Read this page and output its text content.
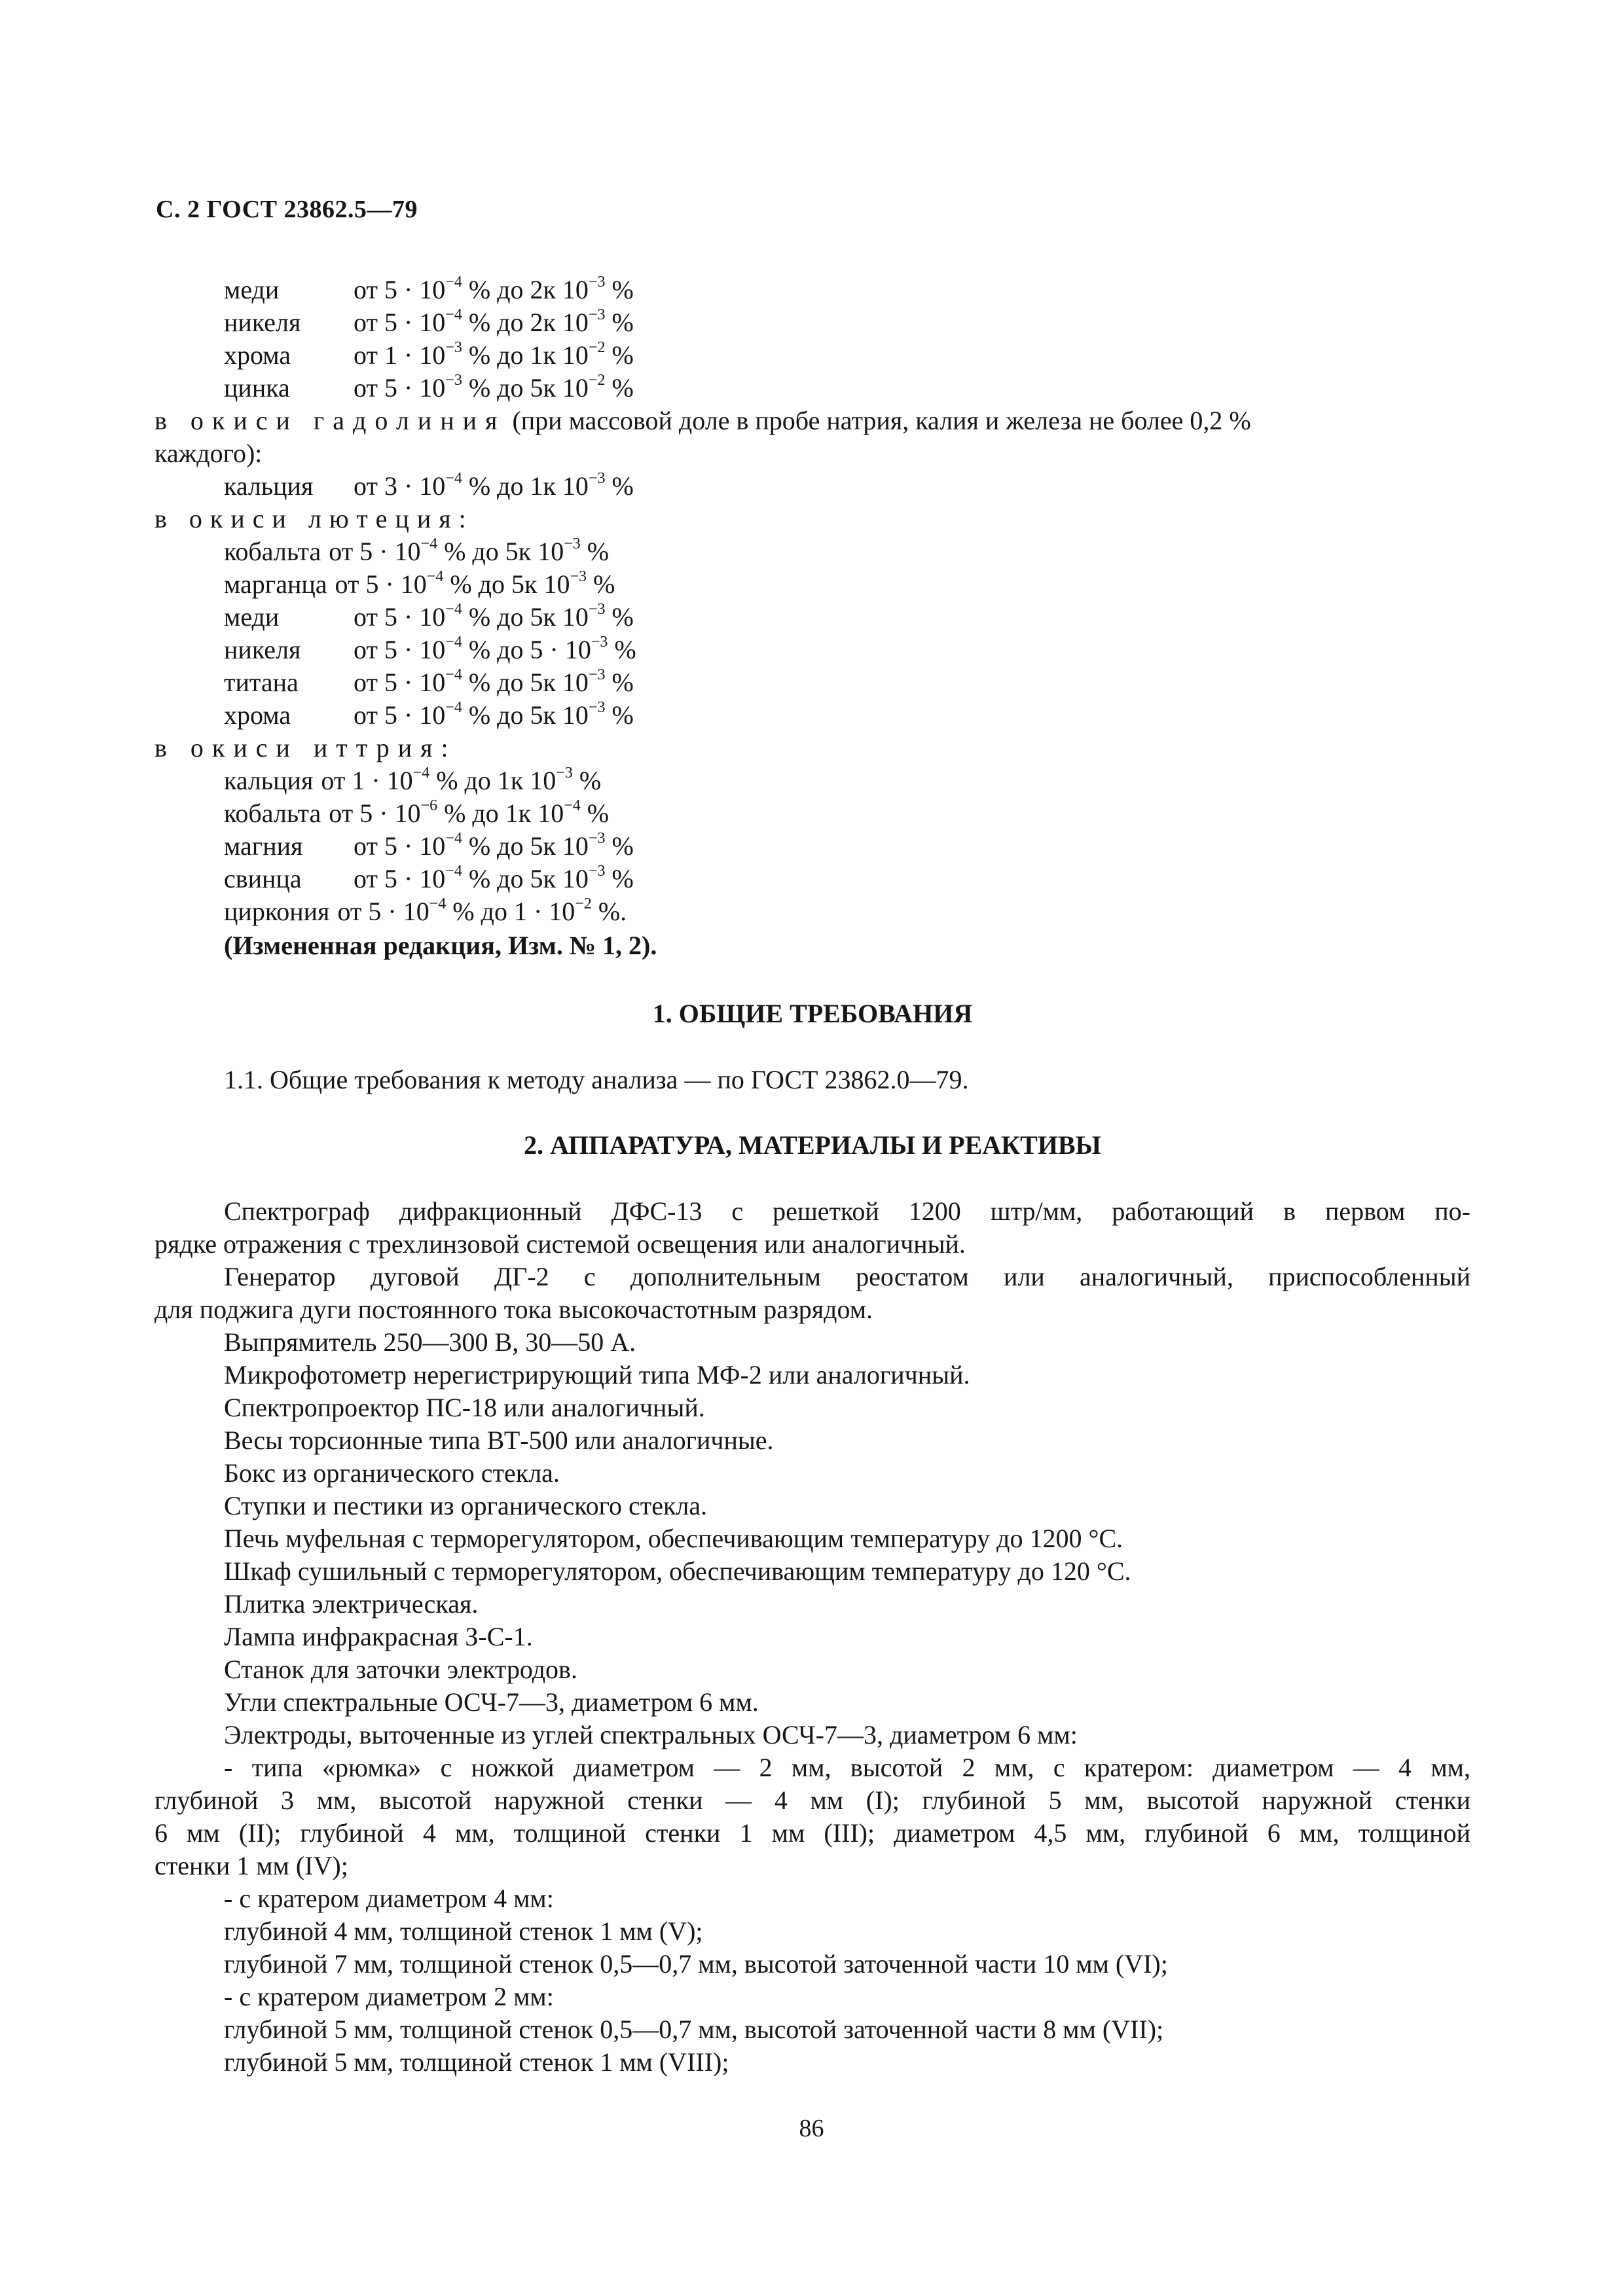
С. 2 ГОСТ 23862.5—79
меди	от $5 \cdot 10^{-4}$ % до 2к $10^{-3}$ %
никеля от $5 \cdot 10^{-4}$ % до 2к $10^{-3}$ %
хрома от $1 \cdot 10^{-3}$ % до 1к $10^{-2}$ %
цинка от $5 \cdot 10^{-3}$ % до 5к $10^{-2}$ %
в окиси гадолиния (при массовой доле в пробе натрия, калия и железа не более 0,2 %
каждого):
кальция от $3 \cdot 10^{-4}$ % до 1к $10^{-3}$ %
в окиси лютеция:
кобальта от $5 \cdot 10^{-4}$ % до 5к $10^{-3}$ %
марганца от $5 \cdot 10^{-4}$ % до 5к $10^{-3}$ %
меди	от $5 \cdot 10^{-4}$ % до 5к $10^{-3}$ %
никеля от $5 \cdot 10^{-4}$ % до $5 \cdot 10^{-3}$ %
титана от $5 \cdot 10^{-4}$ % до 5к $10^{-3}$ %
хрома от $5 \cdot 10^{-4}$ % до 5к $10^{-3}$ %
в окиси иттрия:
кальция от $1 \cdot 10^{-4}$ % до 1к $10^{-3}$ %
кобальта от $5 \cdot 10^{-6}$ % до 1к $10^{-4}$ %
магния от $5 \cdot 10^{-4}$ % до 5к $10^{-3}$ %
свинца от $5 \cdot 10^{-4}$ % до 5к $10^{-3}$ %
циркония от $5 \cdot 10^{-4}$ % до $1 \cdot 10^{-2}$ %.
(Измененная редакция, Изм. № 1, 2).
1. ОБЩИЕ ТРЕБОВАНИЯ
1.1. Общие требования к методу анализа — по ГОСТ 23862.0—79.
2. АППАРАТУРА, МАТЕРИАЛЫ И РЕАКТИВЫ
Спектрограф дифракционный ДФС-13 с решеткой 1200 штр/мм, работающий в первом по-
рядке отражения с трехлинзовой системой освещения или аналогичный.
Генератор дуговой ДГ-2 с дополнительным реостатом или аналогичный, приспособленный
для поджига дуги постоянного тока высокочастотным разрядом.
Выпрямитель 250—300 В, 30—50 А.
Микрофотометр нерегистрирующий типа МФ-2 или аналогичный.
Спектропроектор ПС-18 или аналогичный.
Весы торсионные типа ВТ-500 или аналогичные.
Бокс из органического стекла.
Ступки и пестики из органического стекла.
Печь муфельная с терморегулятором, обеспечивающим температуру до 1200 °С.
Шкаф сушильный с терморегулятором, обеспечивающим температуру до 120 °С.
Плитка электрическая.
Лампа инфракрасная З-С-1.
Станок для заточки электродов.
Угли спектральные ОСЧ-7—3, диаметром 6 мм.
Электроды, выточенные из углей спектральных ОСЧ-7—3, диаметром 6 мм:
- типа «рюмка» с ножкой диаметром — 2 мм, высотой 2 мм, с кратером: диаметром — 4 мм,
глубиной 3 мм, высотой наружной стенки — 4 мм (I); глубиной 5 мм, высотой наружной стенки
6 мм (II); глубиной 4 мм, толщиной стенки 1 мм (III); диаметром 4,5 мм, глубиной 6 мм, толщиной
стенки 1 мм (IV);
- с кратером диаметром 4 мм:
глубиной 4 мм, толщиной стенок 1 мм (V);
глубиной 7 мм, толщиной стенок 0,5—0,7 мм, высотой заточенной части 10 мм (VI);
- с кратером диаметром 2 мм:
глубиной 5 мм, толщиной стенок 0,5—0,7 мм, высотой заточенной части 8 мм (VII);
глубиной 5 мм, толщиной стенок 1 мм (VIII);
86
